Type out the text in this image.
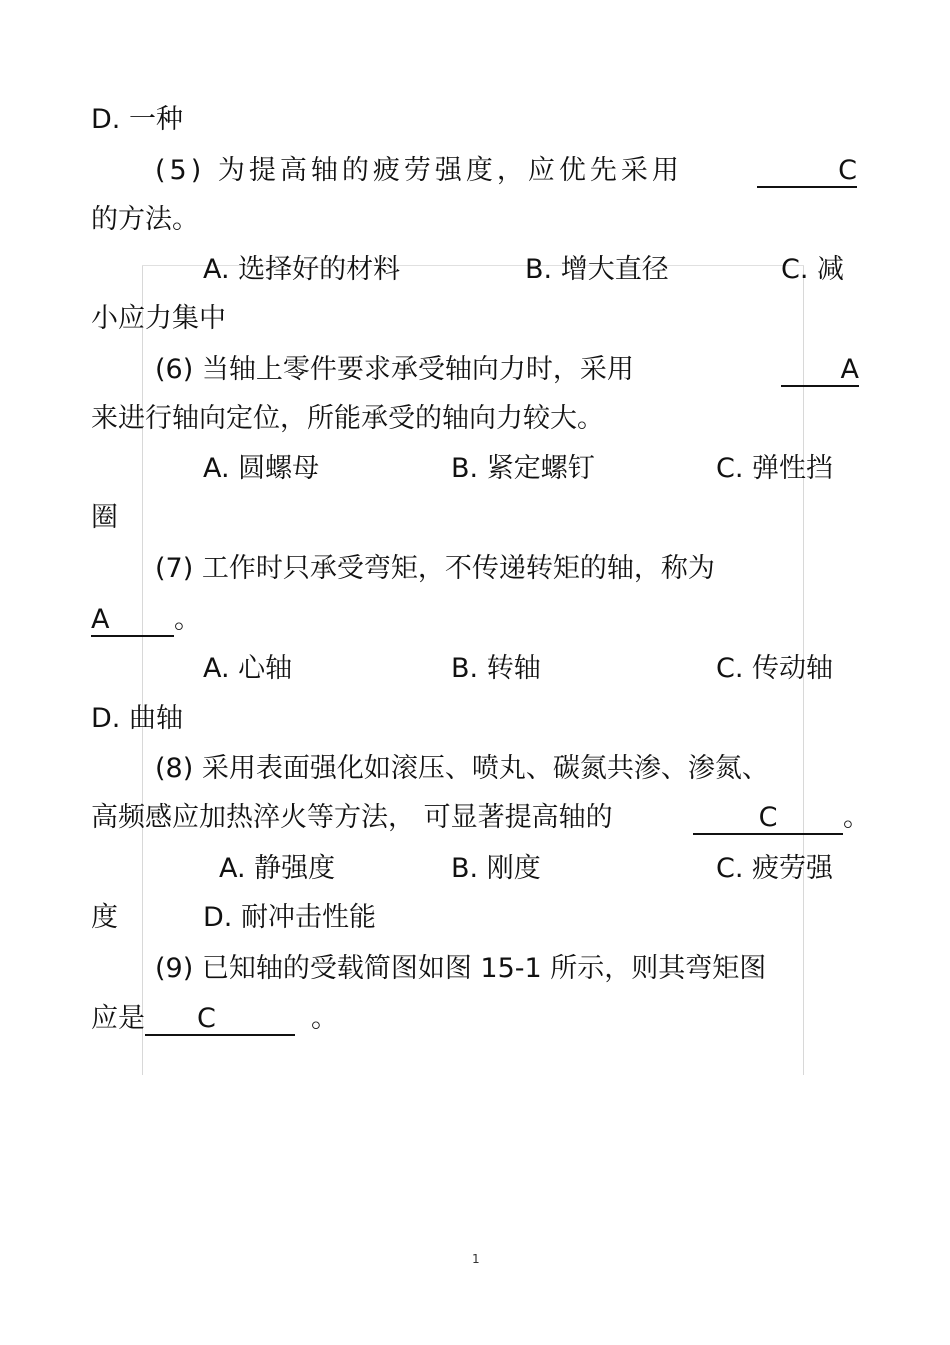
D. 一种
(5) 为提高轴的疲劳强度，应优先采用	C
的方法。
A. 选择好的材料	B. 增大直径	C. 减
小应力集中
(6) 当轴上零件要求承受轴向力时，采用	A
来进行轴向定位，所能承受的轴向力较大。
A. 圆螺母	B. 紧定螺钉	C. 弹性挡
圈
(7) 工作时只承受弯矩，不传递转矩的轴，称为
A 。
A. 心轴	B. 转轴	C. 传动轴
D. 曲轴
(8) 采用表面强化如滚压、喷丸、碳氮共渗、渗氮、
高频感应加热淬火等方法， 可显著提高轴的	C 。
A. 静强度	B. 刚度	C. 疲劳强
度	D. 耐冲击性能
(9) 已知轴的受载简图如图 15-1 所示，则其弯矩图
应是 C	。
1
